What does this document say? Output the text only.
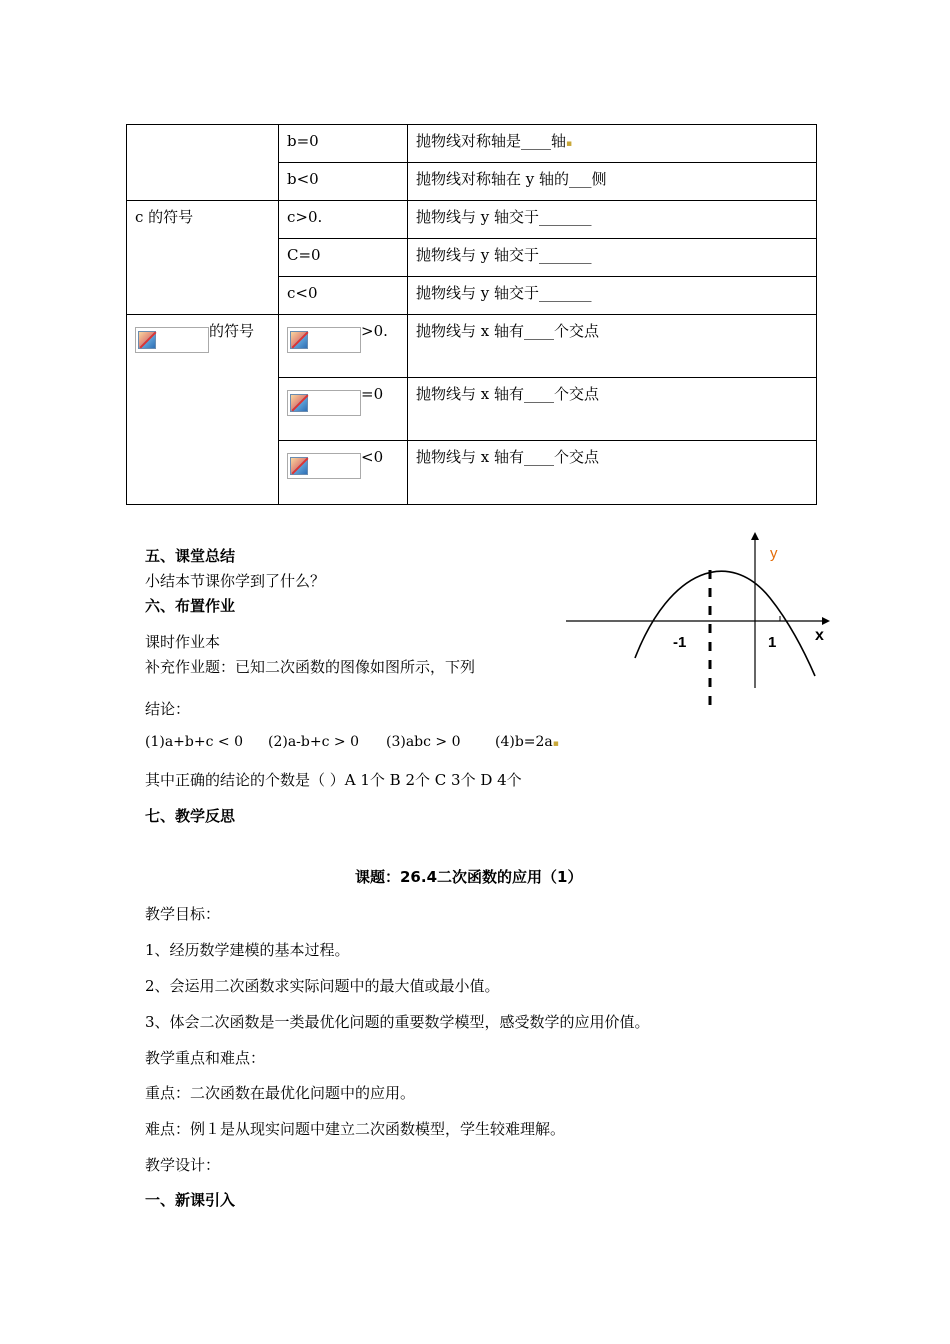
	b=0	抛物线对称轴是____轴▪
	b<0	抛物线对称轴在 y 轴的___侧
c 的符号	c>0.	抛物线与 y 轴交于_______
	C=0	抛物线与 y 轴交于_______
	c<0	抛物线与 y 轴交于_______

的符号	>0.	抛物线与 x 轴有____个交点

	=0	抛物线与 x 轴有____个交点

	<0	抛物线与 x 轴有____个交点
五、课堂总结
小结本节课你学到了什么？
六、布置作业
课时作业本
补充作业题：已知二次函数的图像如图所示，下列
结论：
(1)a+b+c < 0 (2)a-b+c > 0 (3)abc > 0 (4)b=2a▪
其中正确的结论的个数是（ ）A 1个 B 2个 C 3个 D 4个
七、教学反思
y
x
-1	1
课题：26.4二次函数的应用（1）
教学目标：
1、经历数学建模的基本过程。
2、会运用二次函数求实际问题中的最大值或最小值。
3、体会二次函数是一类最优化问题的重要数学模型，感受数学的应用价值。
教学重点和难点：
重点：二次函数在最优化问题中的应用。
难点：例１是从现实问题中建立二次函数模型，学生较难理解。
教学设计：
一、新课引入
